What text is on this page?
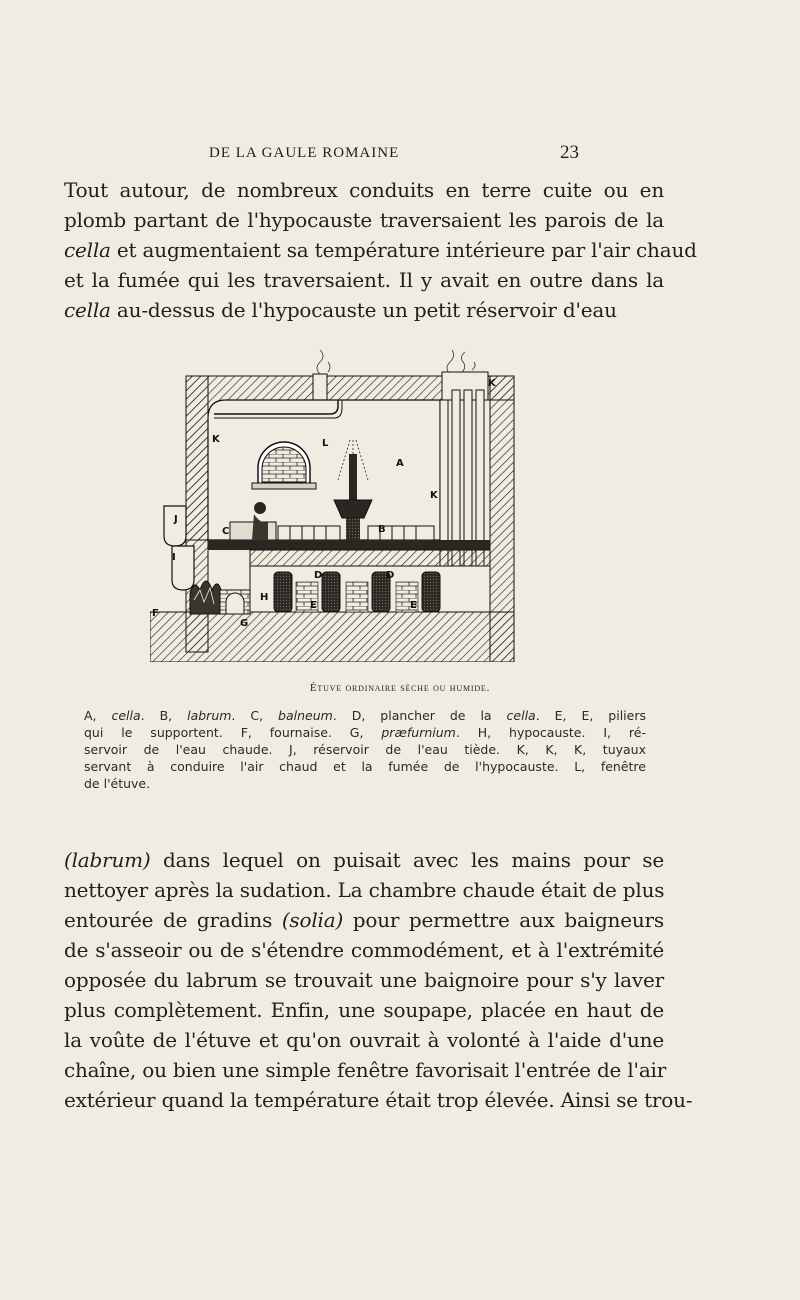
DE LA GAULE ROMAINE	23
Tout autour, de nombreux conduits en terre cuite ou en
plomb partant de l'hypocauste traversaient les parois de la
cella et augmentaient sa température intérieure par l'air chaud
et la fumée qui les traversaient. Il y avait en outre dans la
cella au-dessus de l'hypocauste un petit réservoir d'eau
A
B
C
D	D
E	E
F
G
H
I
J
K
K
K
L
Étuve ordinaire sèche ou humide.
A, cella. B, labrum. C, balneum. D, plancher de la cella. E, E, piliers
qui le supportent. F, fournaise. G, præfurnium. H, hypocauste. I, ré-
servoir de l'eau chaude. J, réservoir de l'eau tiède. K, K, K, tuyaux
servant à conduire l'air chaud et la fumée de l'hypocauste. L, fenêtre
de l'étuve.
(labrum) dans lequel on puisait avec les mains pour se
nettoyer après la sudation. La chambre chaude était de plus
entourée de gradins (solia) pour permettre aux baigneurs
de s'asseoir ou de s'étendre commodément, et à l'extrémité
opposée du labrum se trouvait une baignoire pour s'y laver
plus complètement. Enfin, une soupape, placée en haut de
la voûte de l'étuve et qu'on ouvrait à volonté à l'aide d'une
chaîne, ou bien une simple fenêtre favorisait l'entrée de l'air
extérieur quand la température était trop élevée. Ainsi se trou-
